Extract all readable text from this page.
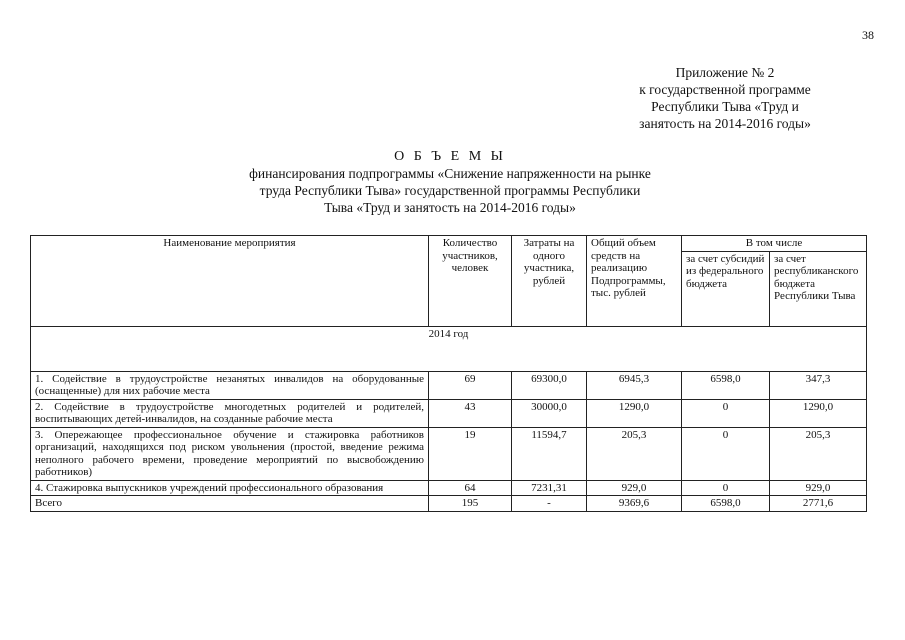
38
Приложение № 2
к государственной программе
Республики Тыва «Труд и
занятость на 2014-2016 годы»
О Б Ъ Е М Ы
финансирования подпрограммы «Снижение напряженности на рынке
труда Республики Тыва» государственной программы Республики
Тыва «Труд и занятость на 2014-2016 годы»
Наименование мероприятия	Количество участников, человек	Затраты на одного участника, рублей	Общий объем средств на реализацию Подпрограммы, тыс. рублей	В том числе	
				за счет субсидий из федерального бюджета	за счет республиканского бюджета Республики Тыва
2014 год					
1. Содействие в трудоустройстве незанятых инвалидов на оборудованные (оснащенные) для них рабочие места	69	69300,0	6945,3	6598,0	347,3
2. Содействие в трудоустройстве многодетных родителей и родителей, воспитывающих детей-инвалидов, на созданные рабочие места	43	30000,0	1290,0	0	1290,0
3. Опережающее профессиональное обучение и стажировка работников организаций, находящихся под риском увольнения (простой, введение режима неполного рабочего времени, проведение мероприятий по высвобождению работников)	19	11594,7	205,3	0	205,3
4. Стажировка выпускников учреждений профессионального образования	64	7231,31	929,0	0	929,0
Всего	195	-	9369,6	6598,0	2771,6
